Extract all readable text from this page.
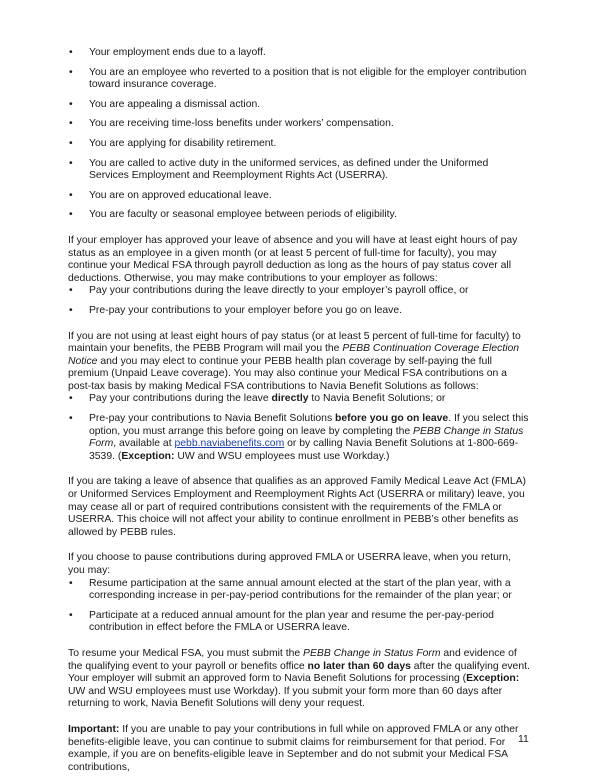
• Your employment ends due to a layoff.
• You are an employee who reverted to a position that is not eligible for the employer contribution toward insurance coverage.
• You are appealing a dismissal action.
• You are receiving time-loss benefits under workers’ compensation.
• You are applying for disability retirement.
• You are called to active duty in the uniformed services, as defined under the Uniformed Services Employment and Reemployment Rights Act (USERRA).
• You are on approved educational leave.
• You are faculty or seasonal employee between periods of eligibility.

If your employer has approved your leave of absence and you will have at least eight hours of pay status as an employee in a given month (or at least 5 percent of full-time for faculty), you may continue your Medical FSA through payroll deduction as long as the hours of pay status cover all deductions. Otherwise, you may make contributions to your employer as follows:

• Pay your contributions during the leave directly to your employer’s payroll office, or
• Pre-pay your contributions to your employer before you go on leave.

If you are not using at least eight hours of pay status (or at least 5 percent of full-time for faculty) to maintain your benefits, the PEBB Program will mail you the PEBB Continuation Coverage Election Notice and you may elect to continue your PEBB health plan coverage by self-paying the full premium (Unpaid Leave coverage). You may also continue your Medical FSA contributions on a post-tax basis by making Medical FSA contributions to Navia Benefit Solutions as follows:

• Pay your contributions during the leave directly to Navia Benefit Solutions; or
• Pre-pay your contributions to Navia Benefit Solutions before you go on leave. If you select this option, you must arrange this before going on leave by completing the PEBB Change in Status Form, available at pebb.naviabenefits.com or by calling Navia Benefit Solutions at 1-800-669-3539. (Exception: UW and WSU employees must use Workday.)

If you are taking a leave of absence that qualifies as an approved Family Medical Leave Act (FMLA) or Uniformed Services Employment and Reemployment Rights Act (USERRA or military) leave, you may cease all or part of required contributions consistent with the requirements of the FMLA or USERRA. This choice will not affect your ability to continue enrollment in PEBB’s other benefits as allowed by PEBB rules.

If you choose to pause contributions during approved FMLA or USERRA leave, when you return, you may:

• Resume participation at the same annual amount elected at the start of the plan year, with a corresponding increase in per-pay-period contributions for the remainder of the plan year; or
• Participate at a reduced annual amount for the plan year and resume the per-pay-period contribution in effect before the FMLA or USERRA leave.

To resume your Medical FSA, you must submit the PEBB Change in Status Form and evidence of the qualifying event to your payroll or benefits office no later than 60 days after the qualifying event. Your employer will submit an approved form to Navia Benefit Solutions for processing (Exception: UW and WSU employees must use Workday). If you submit your form more than 60 days after returning to work, Navia Benefit Solutions will deny your request.

Important: If you are unable to pay your contributions in full while on approved FMLA or any other benefits-eligible leave, you can continue to submit claims for reimbursement for that period. For example, if you are on benefits-eligible leave in September and do not submit your Medical FSA contributions,

11
